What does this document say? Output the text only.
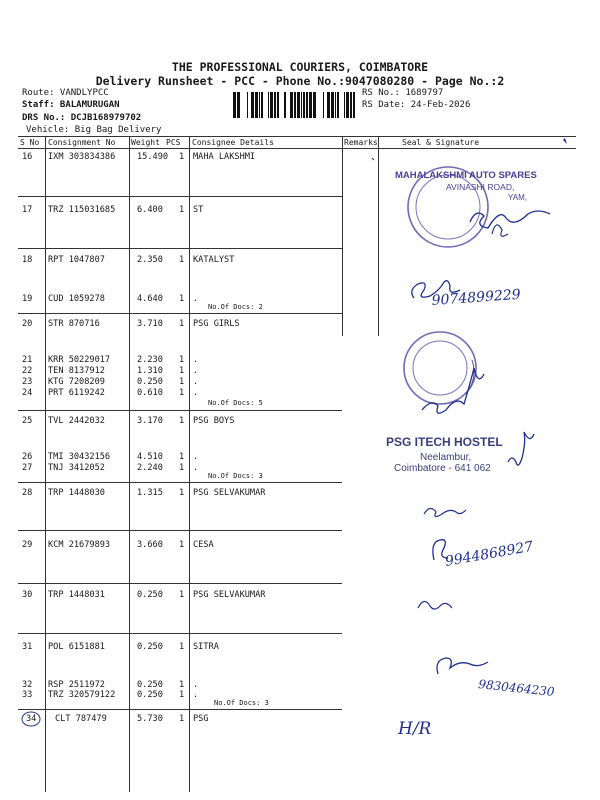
THE PROFESSIONAL COURIERS, COIMBATORE
Delivery Runsheet - PCC - Phone No.:9047080280 - Page No.:2
Route: VANDLYPCC
Staff: BALAMURUGAN
DRS No.: DCJB168979702
Vehicle: Big Bag Delivery
RS No.: 1689797
RS Date: 24-Feb-2026
S No Consignment No Weight PCS Consignee Details	Remarks	Seal & Signature
16 IXM 303834386	15.490 1 MAHA LAKSHMI
17 TRZ 115031685	6.400 1 ST
18 RPT 1047807	2.350 1 KATALYST
19 CUD 1059278	4.640 1 .
20 STR 870716	3.710 1 PSG GIRLS
21 KRR 50229017	2.230 1 .
22 TEN 8137912	1.310 1 .
23 KTG 7208209	0.250 1 .
24 PRT 6119242	0.610 1 .
25 TVL 2442032	3.170 1 PSG BOYS
26 TMI 30432156	4.510 1 .
27 TNJ 3412052	2.240 1 .
28 TRP 1448030	1.315 1 PSG SELVAKUMAR
29 KCM 21679893	3.660 1 CESA
30 TRP 1448031	0.250 1 PSG SELVAKUMAR
31 POL 6151881	0.250 1 SITRA
32 RSP 2511972	0.250 1 .
33 TRZ 320579122	0.250 1 .
34 CLT 787479	5.730 1 PSG
No.Of Docs: 2
No.Of Docs: 5
No.Of Docs: 3
No.Of Docs: 3
MAHALAKSHMI AUTO SPARES
AVINASHI ROAD,
YAM,
9074899229
PSG ITECH HOSTEL
Neelambur,
Coimbatore - 641 062
9944868927
9830464230
H/R
